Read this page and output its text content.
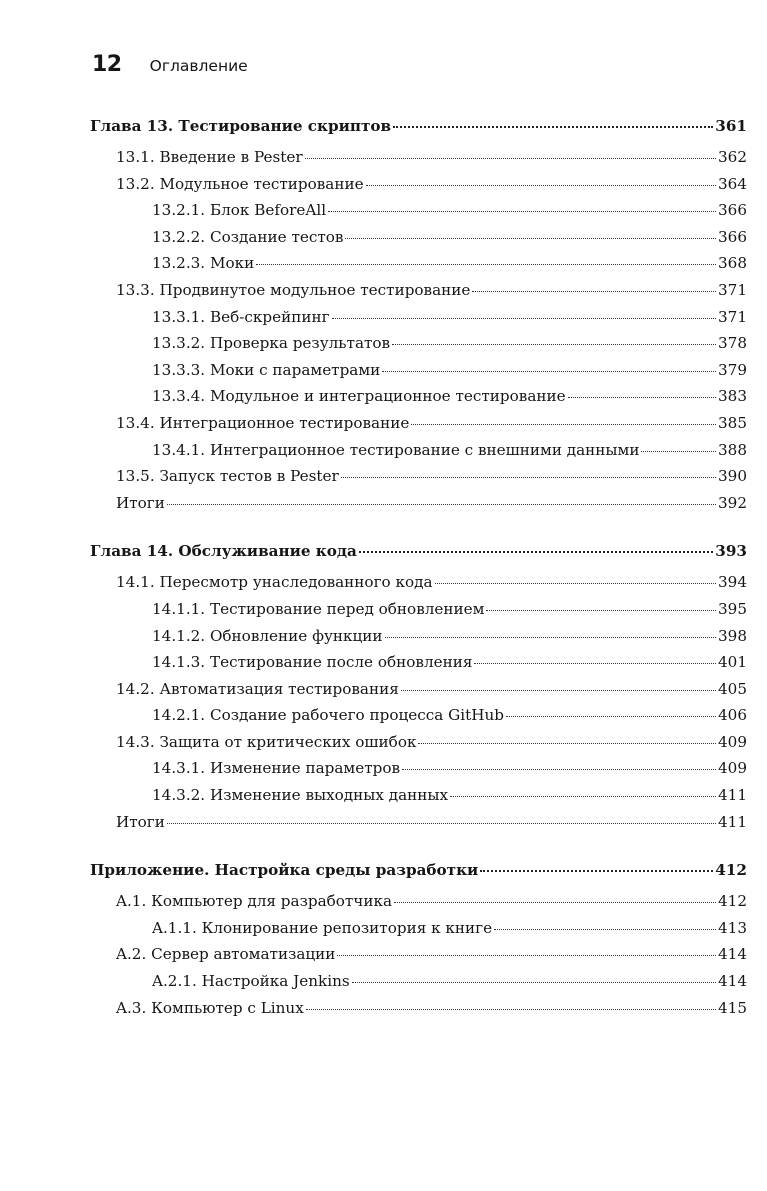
12 Оглавление
Глава 13. Тестирование скриптов	361
13.1. Введение в Pester	362
13.2. Модульное тестирование	364
13.2.1. Блок BeforeAll	366
13.2.2. Создание тестов	366
13.2.3. Моки	368
13.3. Продвинутое модульное тестирование	371
13.3.1. Веб-скрейпинг	371
13.3.2. Проверка результатов	378
13.3.3. Моки с параметрами	379
13.3.4. Модульное и интеграционное тестирование	383
13.4. Интеграционное тестирование	385
13.4.1. Интеграционное тестирование с внешними данными	388
13.5. Запуск тестов в Pester	390
Итоги	392
Глава 14. Обслуживание кода	393
14.1. Пересмотр унаследованного кода	394
14.1.1. Тестирование перед обновлением	395
14.1.2. Обновление функции	398
14.1.3. Тестирование после обновления	401
14.2. Автоматизация тестирования	405
14.2.1. Создание рабочего процесса GitHub	406
14.3. Защита от критических ошибок	409
14.3.1. Изменение параметров	409
14.3.2. Изменение выходных данных	411
Итоги	411
Приложение. Настройка среды разработки	412
A.1. Компьютер для разработчика	412
A.1.1. Клонирование репозитория к книге	413
A.2. Сервер автоматизации	414
A.2.1. Настройка Jenkins	414
A.3. Компьютер с Linux	415
